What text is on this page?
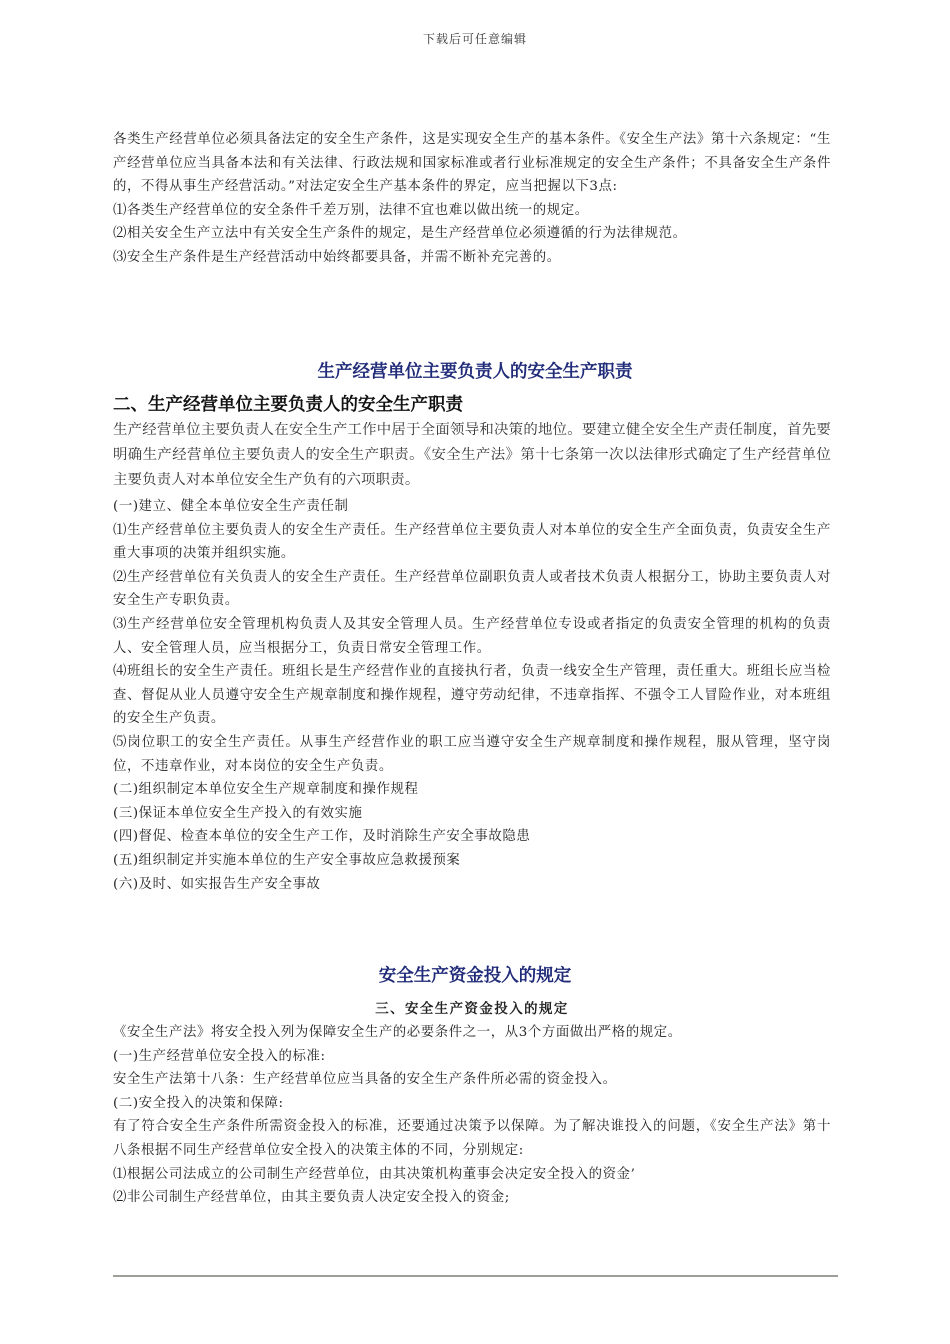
下载后可任意编辑

各类生产经营单位必须具备法定的安全生产条件，这是实现安全生产的基本条件。《安全生产法》第十六条规定：“生产经营单位应当具备本法和有关法律、行政法规和国家标准或者行业标准规定的安全生产条件；不具备安全生产条件的，不得从事生产经营活动。”对法定安全生产基本条件的界定，应当把握以下3点:

⑴各类生产经营单位的安全条件千差万别，法律不宜也难以做出统一的规定。

⑵相关安全生产立法中有关安全生产条件的规定，是生产经营单位必须遵循的行为法律规范。

⑶安全生产条件是生产经营活动中始终都要具备，并需不断补充完善的。

生产经营单位主要负责人的安全生产职责
二、生产经营单位主要负责人的安全生产职责

生产经营单位主要负责人在安全生产工作中居于全面领导和决策的地位。要建立健全安全生产责任制度，首先要明确生产经营单位主要负责人的安全生产职责。《安全生产法》第十七条第一次以法律形式确定了生产经营单位主要负责人对本单位安全生产负有的六项职责。

(一)建立、健全本单位安全生产责任制

⑴生产经营单位主要负责人的安全生产责任。生产经营单位主要负责人对本单位的安全生产全面负责，负责安全生产重大事项的决策并组织实施。

⑵生产经营单位有关负责人的安全生产责任。生产经营单位副职负责人或者技术负责人根据分工，协助主要负责人对安全生产专职负责。

⑶生产经营单位安全管理机构负责人及其安全管理人员。生产经营单位专设或者指定的负责安全管理的机构的负责人、安全管理人员，应当根据分工，负责日常安全管理工作。

⑷班组长的安全生产责任。班组长是生产经营作业的直接执行者，负责一线安全生产管理，责任重大。班组长应当检查、督促从业人员遵守安全生产规章制度和操作规程，遵守劳动纪律，不违章指挥、不强令工人冒险作业，对本班组的安全生产负责。

⑸岗位职工的安全生产责任。从事生产经营作业的职工应当遵守安全生产规章制度和操作规程，服从管理，坚守岗位，不违章作业，对本岗位的安全生产负责。

(二)组织制定本单位安全生产规章制度和操作规程

(三)保证本单位安全生产投入的有效实施

(四)督促、检查本单位的安全生产工作，及时消除生产安全事故隐患

(五)组织制定并实施本单位的生产安全事故应急救援预案

(六)及时、如实报告生产安全事故

安全生产资金投入的规定

三、安全生产资金投入的规定

《安全生产法》将安全投入列为保障安全生产的必要条件之一，从3个方面做出严格的规定。

(一)生产经营单位安全投入的标准:

安全生产法第十八条：生产经营单位应当具备的安全生产条件所必需的资金投入。

(二)安全投入的决策和保障:

有了符合安全生产条件所需资金投入的标准，还要通过决策予以保障。为了解决谁投入的问题，《安全生产法》第十八条根据不同生产经营单位安全投入的决策主体的不同，分别规定:

⑴根据公司法成立的公司制生产经营单位，由其决策机构董事会决定安全投入的资金’

⑵非公司制生产经营单位，由其主要负责人决定安全投入的资金;
